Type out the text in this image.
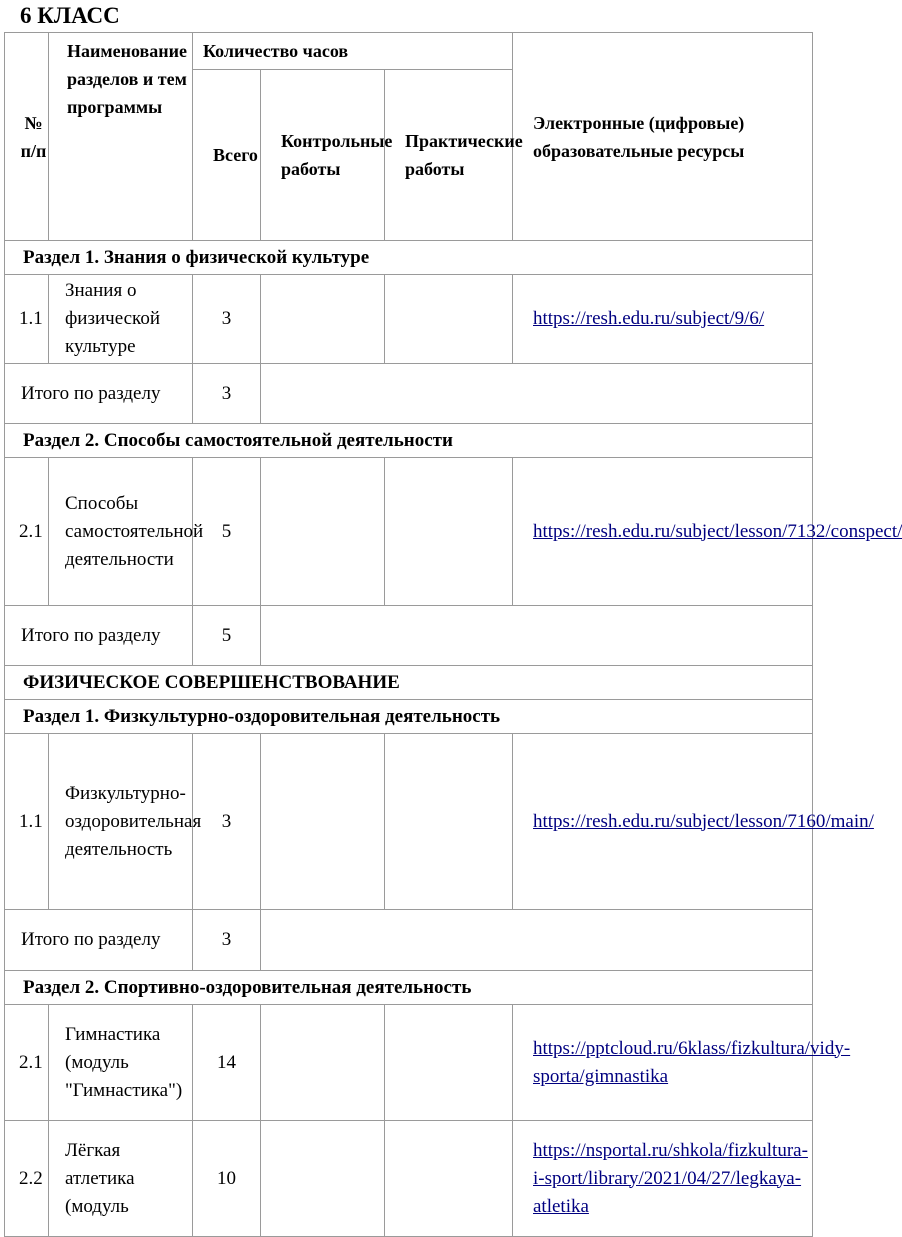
6 КЛАСС
№ п/п	Наименование разделов и тем программы	Количество часов			Электронные (цифровые) образовательные ресурсы
		Всего	Контрольные работы	Практические работы	
Раздел 1. Знания о физической культуре					
1.1	Знания о физической культуре	3			https://resh.edu.ru/subject/9/6/
Итого по разделу		3			
Раздел 2. Способы самостоятельной деятельности					
2.1	Способы самостоятельной деятельности	5			https://resh.edu.ru/subject/lesson/7132/conspect/
Итого по разделу		5			
ФИЗИЧЕСКОЕ СОВЕРШЕНСТВОВАНИЕ					
Раздел 1. Физкультурно-оздоровительная деятельность					
1.1	Физкультурно-оздоровительная деятельность	3			https://resh.edu.ru/subject/lesson/7160/main/
Итого по разделу		3			
Раздел 2. Спортивно-оздоровительная деятельность					
2.1	Гимнастика (модуль "Гимнастика")	14			https://pptcloud.ru/6klass/fizkultura/vidy-sporta/gimnastika
2.2	Лёгкая атлетика (модуль	10			https://nsportal.ru/shkola/fizkultura-i-sport/library/2021/04/27/legkaya-atletika
